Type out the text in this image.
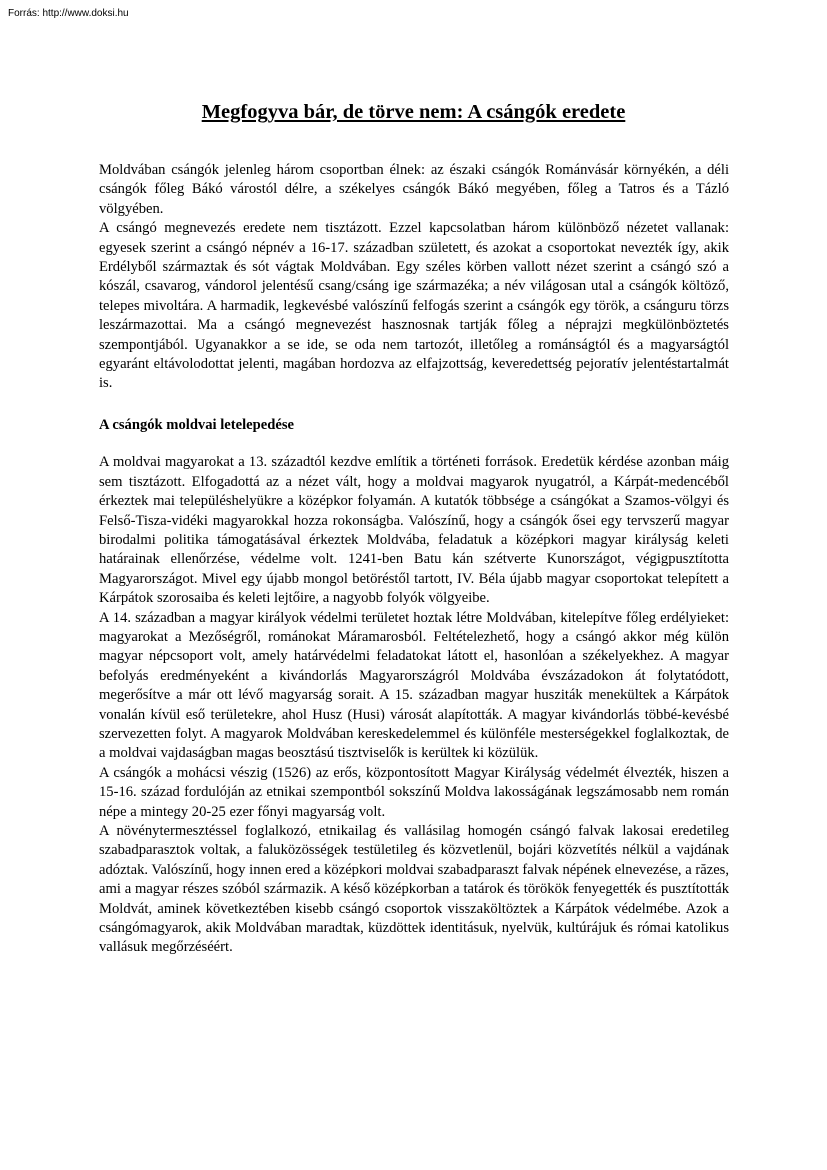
Forrás: http://www.doksi.hu
Megfogyva bár, de törve nem: A csángók eredete

Moldvában csángók jelenleg három csoportban élnek: az északi csángók Románvásár környékén, a déli csángók főleg Bákó várostól délre, a székelyes csángók Bákó megyében, főleg a Tatros és a Tázló völgyében.

A csángó megnevezés eredete nem tisztázott. Ezzel kapcsolatban három különböző nézetet vallanak: egyesek szerint a csángó népnév a 16-17. században született, és azokat a csoportokat nevezték így, akik Erdélyből származtak és sót vágtak Moldvában. Egy széles körben vallott nézet szerint a csángó szó a kószál, csavarog, vándorol jelentésű csang/csáng ige származéka; a név világosan utal a csángók költöző, telepes mivoltára. A harmadik, legkevésbé valószínű felfogás szerint a csángók egy török, a csánguru törzs leszármazottai. Ma a csángó megnevezést hasznosnak tartják főleg a néprajzi megkülönböztetés szempontjából. Ugyanakkor a se ide, se oda nem tartozót, illetőleg a románságtól és a magyarságtól egyaránt eltávolodottat jelenti, magában hordozva az elfajzottság, keveredettség pejoratív jelentéstartalmát is.

A csángók moldvai letelepedése

A moldvai magyarokat a 13. századtól kezdve említik a történeti források. Eredetük kérdése azonban máig sem tisztázott. Elfogadottá az a nézet vált, hogy a moldvai magyarok nyugatról, a Kárpát-medencéből érkeztek mai településhelyükre a középkor folyamán. A kutatók többsége a csángókat a Szamos-völgyi és Felső-Tisza-vidéki magyarokkal hozza rokonságba. Valószínű, hogy a csángók ősei egy tervszerű magyar birodalmi politika támogatásával érkeztek Moldvába, feladatuk a középkori magyar királyság keleti határainak ellenőrzése, védelme volt. 1241-ben Batu kán szétverte Kunországot, végigpusztította Magyarországot. Mivel egy újabb mongol betöréstől tartott, IV. Béla újabb magyar csoportokat telepített a Kárpátok szorosaiba és keleti lejtőire, a nagyobb folyók völgyeibe.

A 14. században a magyar királyok védelmi területet hoztak létre Moldvában, kitelepítve főleg erdélyieket: magyarokat a Mezőségről, románokat Máramarosból. Feltételezhető, hogy a csángó akkor még külön magyar népcsoport volt, amely határvédelmi feladatokat látott el, hasonlóan a székelyekhez. A magyar befolyás eredményeként a kivándorlás Magyarországról Moldvába évszázadokon át folytatódott, megerősítve a már ott lévő magyarság sorait. A 15. században magyar husziták menekültek a Kárpátok vonalán kívül eső területekre, ahol Husz (Husi) városát alapították. A magyar kivándorlás többé-kevésbé szervezetten folyt. A magyarok Moldvában kereskedelemmel és különféle mesterségekkel foglalkoztak, de a moldvai vajdaságban magas beosztású tisztviselők is kerültek ki közülük.

A csángók a mohácsi vészig (1526) az erős, központosított Magyar Királyság védelmét élvezték, hiszen a 15-16. század fordulóján az etnikai szempontból sokszínű Moldva lakosságának legszámosabb nem román népe a mintegy 20-25 ezer főnyi magyarság volt.

A növénytermesztéssel foglalkozó, etnikailag és vallásilag homogén csángó falvak lakosai eredetileg szabadparasztok voltak, a faluközösségek testületileg és közvetlenül, bojári közvetítés nélkül a vajdának adóztak. Valószínű, hogy innen ered a középkori moldvai szabadparaszt falvak népének elnevezése, a răzes, ami a magyar részes szóból származik. A késő középkorban a tatárok és törökök fenyegették és pusztították Moldvát, aminek következtében kisebb csángó csoportok visszaköltöztek a Kárpátok védelmébe. Azok a csángómagyarok, akik Moldvában maradtak, küzdöttek identitásuk, nyelvük, kultúrájuk és római katolikus vallásuk megőrzéséért.
